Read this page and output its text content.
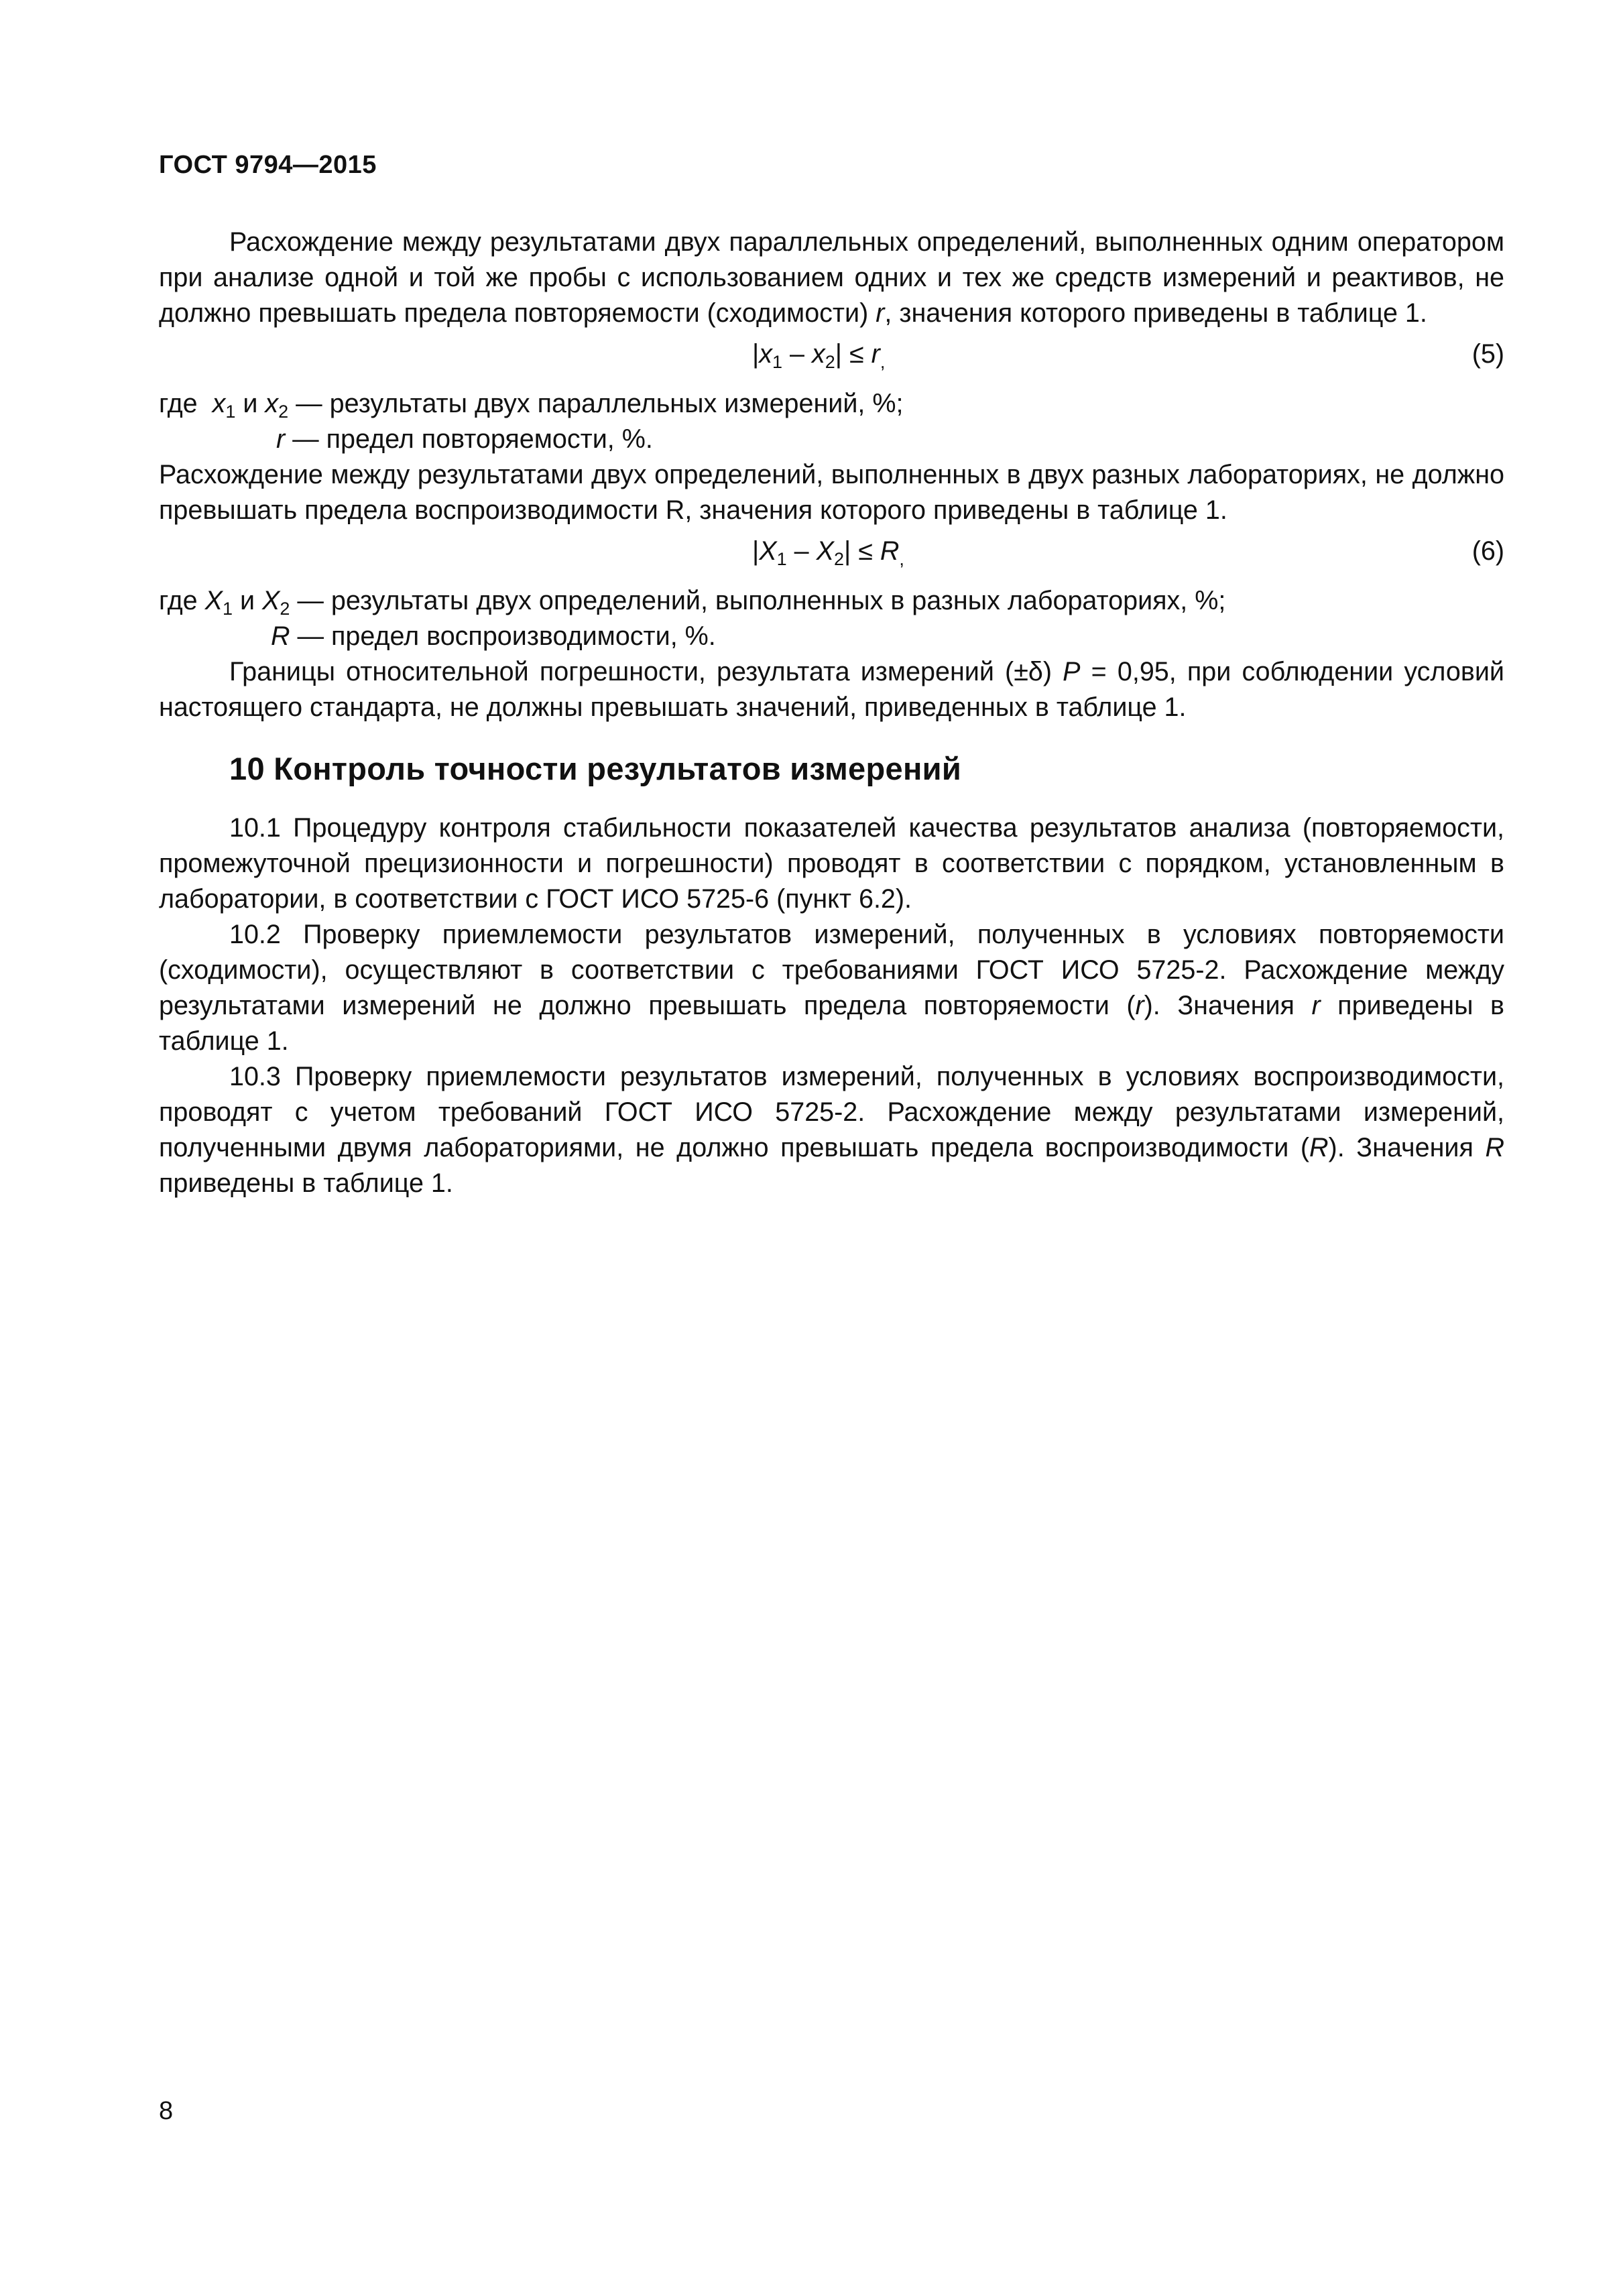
ГОСТ 9794—2015

Расхождение между результатами двух параллельных определений, выполненных одним оператором при анализе одной и той же пробы с использованием одних и тех же средств измерений и реактивов, не должно превышать предела повторяемости (сходимости) r, значения которого приведены в таблице 1.

$|x_1 - x_2| \le r_,$	(5)

где  $x_1$ и $x_2$ — результаты двух параллельных измерений, %;

r — предел повторяемости, %.

Расхождение между результатами двух определений, выполненных в двух разных лабораториях, не должно превышать предела воспроизводимости R, значения которого приведены в таблице 1.

$|X_1 - X_2| \le R_,$	(6)

где $X_1$ и $X_2$ — результаты двух определений, выполненных в разных лабораториях, %;

R — предел воспроизводимости, %.

Границы относительной погрешности, результата измерений (±δ) P = 0,95, при соблюдении условий настоящего стандарта, не должны превышать значений, приведенных в таблице 1.

10 Контроль точности результатов измерений

10.1 Процедуру контроля стабильности показателей качества результатов анализа (повторяемости, промежуточной прецизионности и погрешности) проводят в соответствии с порядком, установленным в лаборатории, в соответствии с ГОСТ ИСО 5725-6 (пункт 6.2).

10.2 Проверку приемлемости результатов измерений, полученных в условиях повторяемости (сходимости), осуществляют в соответствии с требованиями ГОСТ ИСО 5725-2. Расхождение между результатами измерений не должно превышать предела повторяемости (r). Значения r приведены в таблице 1.

10.3 Проверку приемлемости результатов измерений, полученных в условиях воспроизводимости, проводят с учетом требований ГОСТ ИСО 5725-2. Расхождение между результатами измерений, полученными двумя лабораториями, не должно превышать предела воспроизводимости (R). Значения R приведены в таблице 1.

8
